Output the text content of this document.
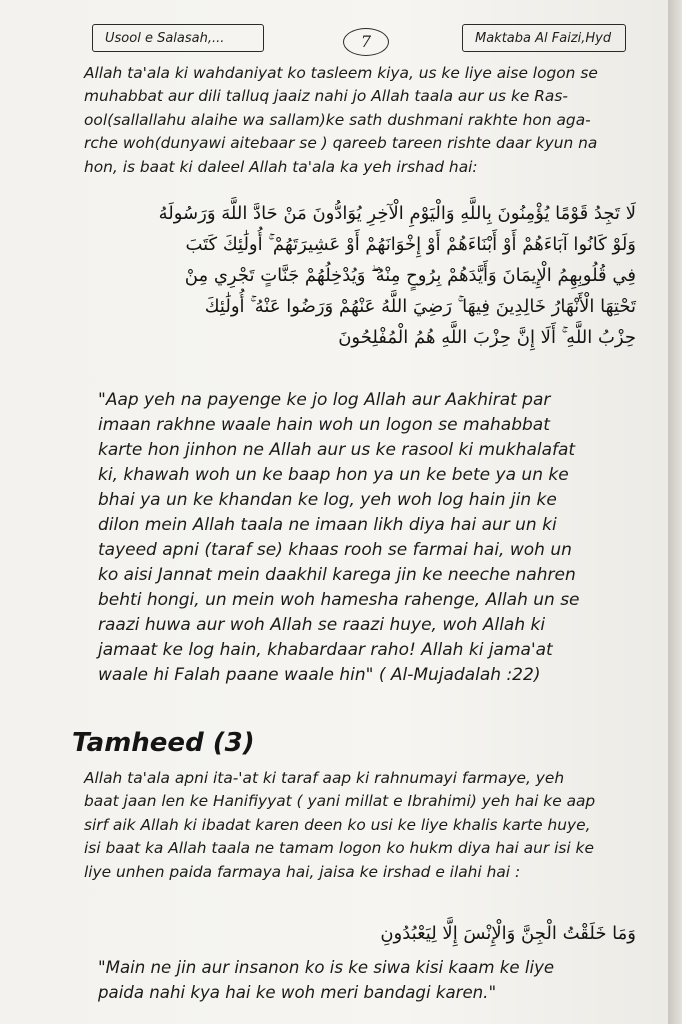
Usool e Salasah,...	7	Maktaba Al Faizi,Hyd
Allah ta'ala ki wahdaniyat ko tasleem kiya, us ke liye aise logon se
muhabbat aur dili talluq jaaiz nahi jo Allah taala aur us ke Ras-
ool(sallallahu alaihe wa sallam)ke sath dushmani rakhte hon aga-
rche woh(dunyawi aitebaar se ) qareeb tareen rishte daar kyun na
hon, is baat ki daleel Allah ta'ala ka yeh irshad hai:
لَا تَجِدُ قَوْمًا يُؤْمِنُونَ بِاللَّهِ وَالْيَوْمِ الْآخِرِ يُوَادُّونَ مَنْ حَادَّ اللَّهَ وَرَسُولَهُ
وَلَوْ كَانُوا آبَاءَهُمْ أَوْ أَبْنَاءَهُمْ أَوْ إِخْوَانَهُمْ أَوْ عَشِيرَتَهُمْ ۚ أُولَٰئِكَ كَتَبَ
فِي قُلُوبِهِمُ الْإِيمَانَ وَأَيَّدَهُمْ بِرُوحٍ مِنْهُ ۖ وَيُدْخِلُهُمْ جَنَّاتٍ تَجْرِي مِنْ
تَحْتِهَا الْأَنْهَارُ خَالِدِينَ فِيهَا ۚ رَضِيَ اللَّهُ عَنْهُمْ وَرَضُوا عَنْهُ ۚ أُولَٰئِكَ
حِزْبُ اللَّهِ ۚ أَلَا إِنَّ حِزْبَ اللَّهِ هُمُ الْمُفْلِحُونَ
"Aap yeh na payenge ke jo log Allah aur Aakhirat par
imaan rakhne waale hain woh un logon se mahabbat
karte hon jinhon ne Allah aur us ke rasool ki mukhalafat
ki, khawah woh un ke baap hon ya un ke bete ya un ke
bhai ya un ke khandan ke log, yeh woh log hain jin ke
dilon mein Allah taala ne imaan likh diya hai aur un ki
tayeed apni (taraf se) khaas rooh se farmai hai, woh un
ko aisi Jannat mein daakhil karega jin ke neeche nahren
behti hongi, un mein woh hamesha rahenge, Allah un se
raazi huwa aur woh Allah se raazi huye, woh Allah ki
jamaat ke log hain, khabardaar raho! Allah ki jama'at
waale hi Falah paane waale hin" ( Al-Mujadalah :22)
Tamheed (3)
Allah ta'ala apni ita-'at ki taraf aap ki rahnumayi farmaye, yeh
baat jaan len ke Hanifiyyat ( yani millat e Ibrahimi) yeh hai ke aap
sirf aik Allah ki ibadat karen deen ko usi ke liye khalis karte huye,
isi baat ka Allah taala ne tamam logon ko hukm diya hai aur isi ke
liye unhen paida farmaya hai, jaisa ke irshad e ilahi hai :
وَمَا خَلَقْتُ الْجِنَّ وَالْإِنْسَ إِلَّا لِيَعْبُدُونِ
"Main ne jin aur insanon ko is ke siwa kisi kaam ke liye
paida nahi kya hai ke woh meri bandagi karen."
